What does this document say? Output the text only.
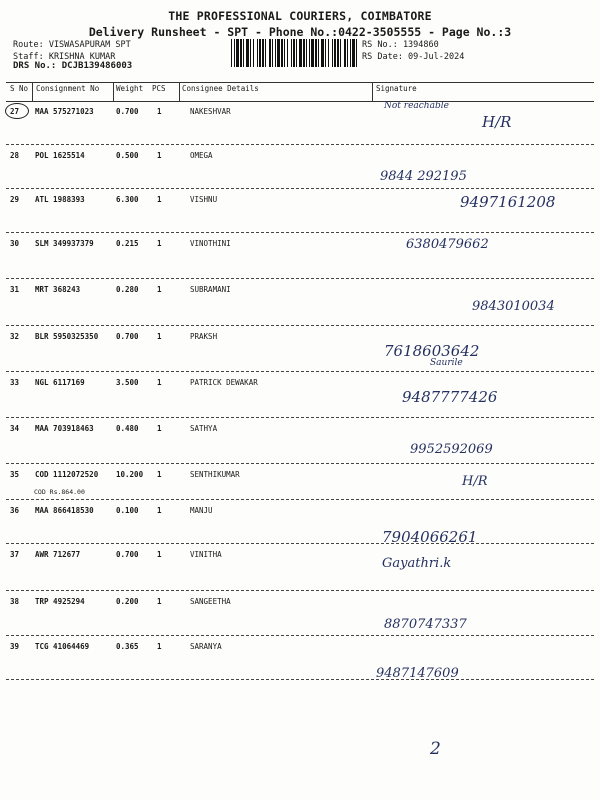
THE PROFESSIONAL COURIERS, COIMBATORE
Delivery Runsheet - SPT - Phone No.:0422-3505555 - Page No.:3
Route: VISWASAPURAM SPT
Staff: KRISHNA KUMAR
DRS No.: DCJB139486003
RS No.: 1394860
RS Date: 09-Jul-2024
S No Consignment No Weight PCS Consignee Details	Signature
27 MAA 575271023	0.700 1	NAKESHVAR
Not reachable
H/R
28 POL 1625514	0.500 1	OMEGA
9844 292195
29 ATL 1988393	6.300 1	VISHNU	9497161208
30 SLM 349937379	0.215 1	VINOTHINI	6380479662
31 MRT 368243	0.280 1	SUBRAMANI
9843010034
32 BLR 5950325350 0.700 1	PRAKSH
7618603642
Saurile
33 NGL 6117169	3.500 1	PATRICK DEWAKAR
9487777426
34 MAA 703918463	0.480 1	SATHYA
9952592069
35 COD 1112072520 10.200 1	SENTHIKUMAR
COD Rs.864.00
H/R
36 MAA 866418530	0.100 1	MANJU
7904066261
37 AWR 712677	0.700 1	VINITHA
Gayathri.k
38 TRP 4925294	0.200 1	SANGEETHA
8870747337
39 TCG 41064469	0.365 1	SARANYA
9487147609
2
